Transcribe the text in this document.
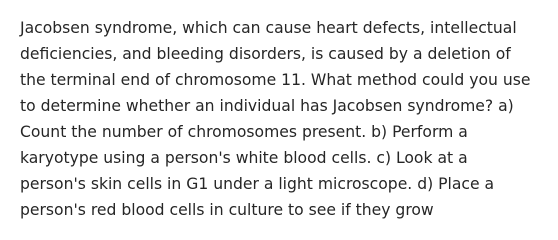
Jacobsen syndrome, which can cause heart defects, intellectual
deficiencies, and bleeding disorders, is caused by a deletion of
the terminal end of chromosome 11. What method could you use
to determine whether an individual has Jacobsen syndrome? a)
Count the number of chromosomes present. b) Perform a
karyotype using a person's white blood cells. c) Look at a
person's skin cells in G1 under a light microscope. d) Place a
person's red blood cells in culture to see if they grow
